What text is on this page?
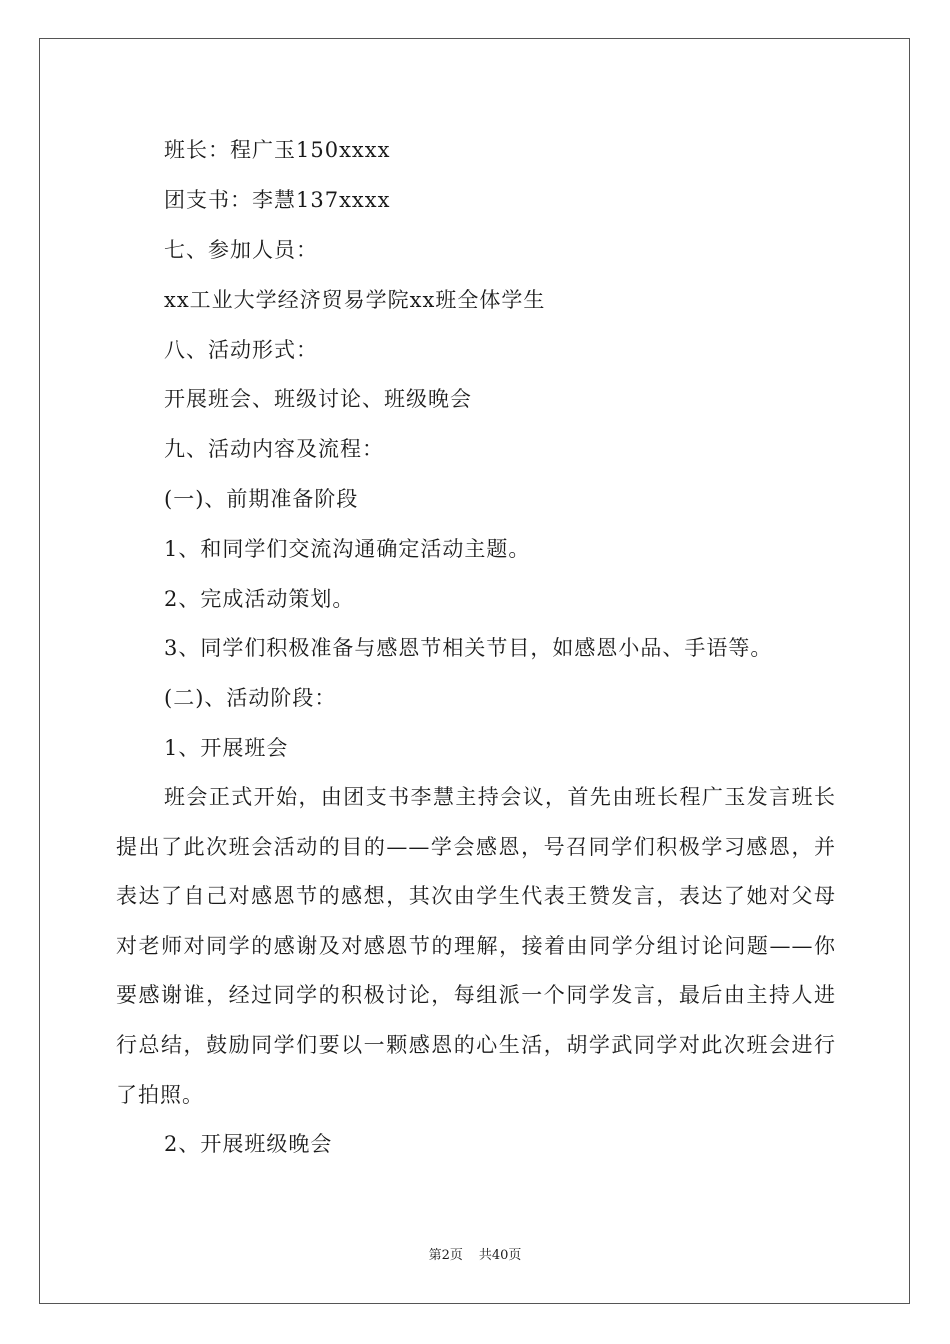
班长：程广玉150xxxx
团支书：李慧137xxxx
七、参加人员：
xx工业大学经济贸易学院xx班全体学生
八、活动形式：
开展班会、班级讨论、班级晚会
九、活动内容及流程：
(一)、前期准备阶段
1、和同学们交流沟通确定活动主题。
2、完成活动策划。
3、同学们积极准备与感恩节相关节目，如感恩小品、手语等。
(二)、活动阶段：
1、开展班会
班会正式开始，由团支书李慧主持会议，首先由班长程广玉发言班长提出了此次班会活动的目的——学会感恩，号召同学们积极学习感恩，并表达了自己对感恩节的感想，其次由学生代表王赞发言，表达了她对父母对老师对同学的感谢及对感恩节的理解，接着由同学分组讨论问题——你要感谢谁，经过同学的积极讨论，每组派一个同学发言，最后由主持人进行总结，鼓励同学们要以一颗感恩的心生活，胡学武同学对此次班会进行了拍照。
2、开展班级晚会
第2页 共40页
